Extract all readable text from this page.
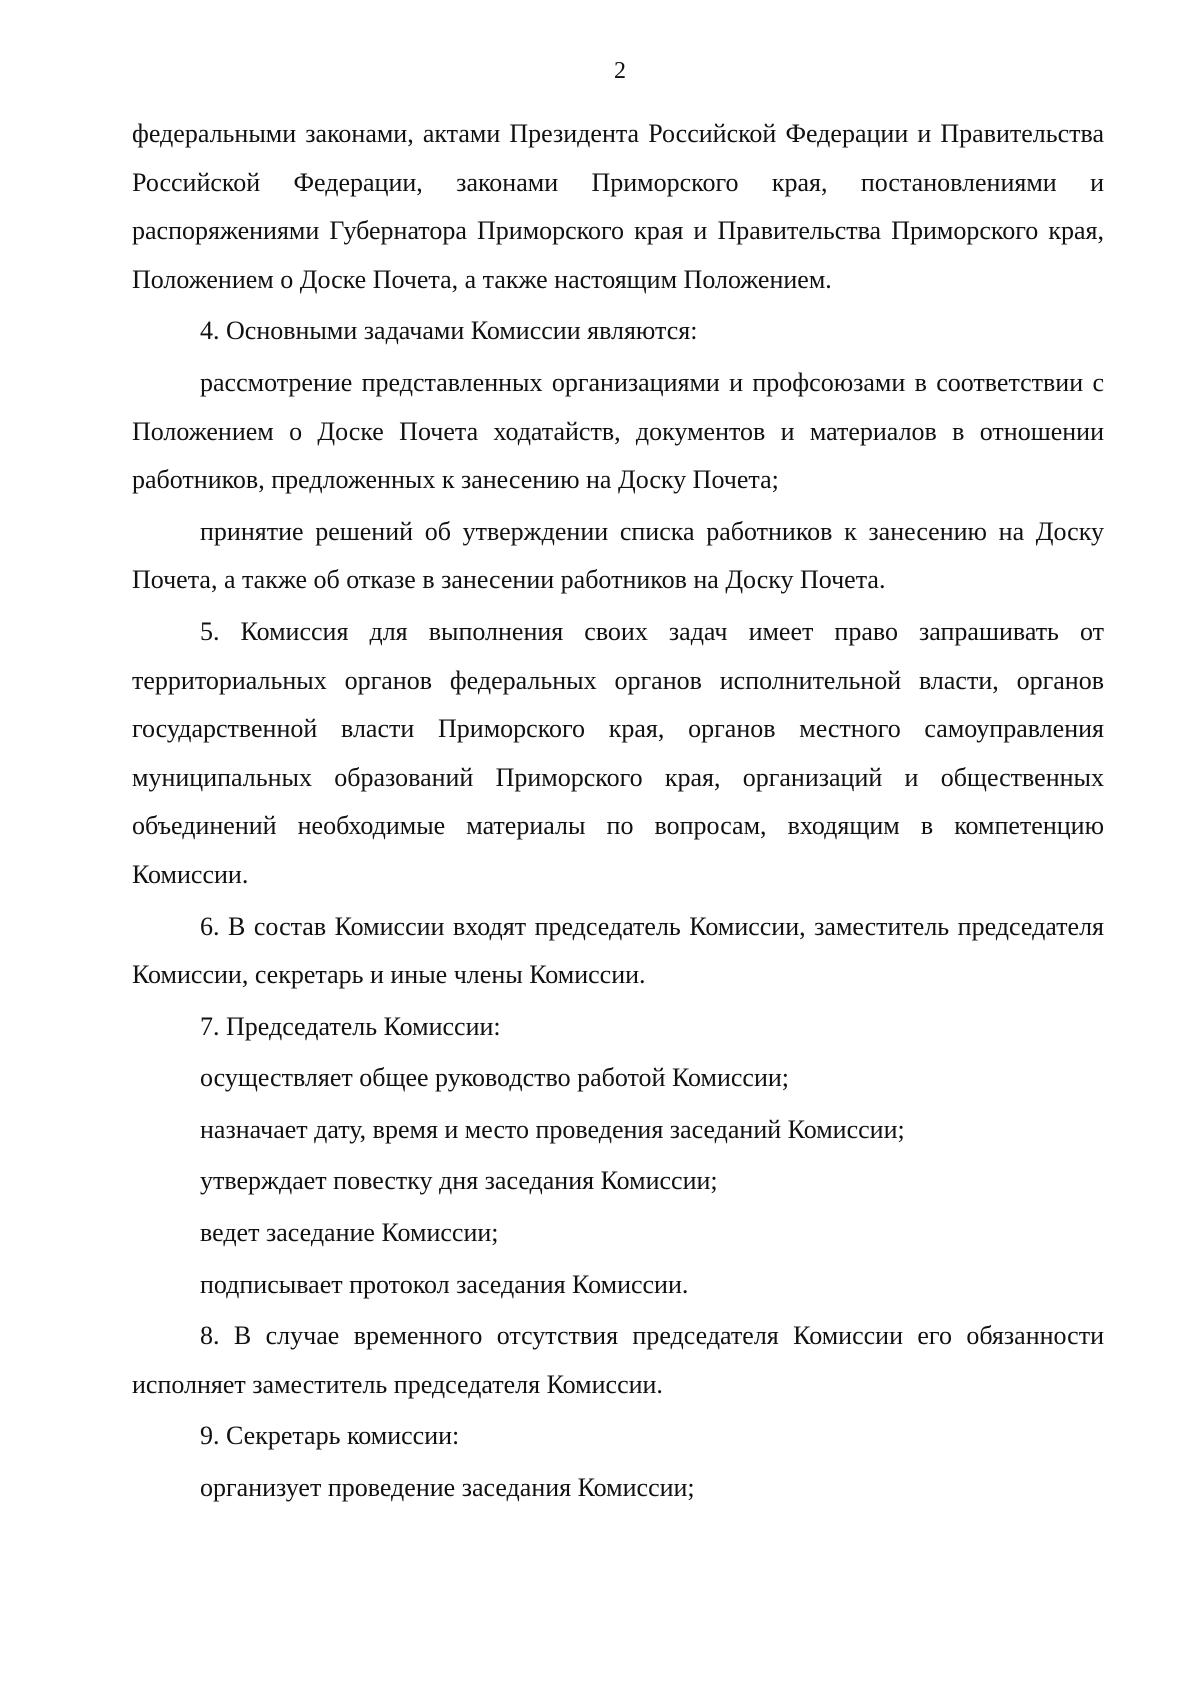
2

федеральными законами, актами Президента Российской Федерации и Правительства Российской Федерации, законами Приморского края, постановлениями и распоряжениями Губернатора Приморского края и Правительства Приморского края, Положением о Доске Почета, а также настоящим Положением.

4. Основными задачами Комиссии являются:

рассмотрение представленных организациями и профсоюзами в соответствии с Положением о Доске Почета ходатайств, документов и материалов в отношении работников, предложенных к занесению на Доску Почета;

принятие решений об утверждении списка работников к занесению на Доску Почета, а также об отказе в занесении работников на Доску Почета.

5. Комиссия для выполнения своих задач имеет право запрашивать от территориальных органов федеральных органов исполнительной власти, органов государственной власти Приморского края, органов местного самоуправления муниципальных образований Приморского края, организаций и общественных объединений необходимые материалы по вопросам, входящим в компетенцию Комиссии.

6. В состав Комиссии входят председатель Комиссии, заместитель председателя Комиссии, секретарь и иные члены Комиссии.

7. Председатель Комиссии:

осуществляет общее руководство работой Комиссии;

назначает дату, время и место проведения заседаний Комиссии;

утверждает повестку дня заседания Комиссии;

ведет заседание Комиссии;

подписывает протокол заседания Комиссии.

8. В случае временного отсутствия председателя Комиссии его обязанности исполняет заместитель председателя Комиссии.

9. Секретарь комиссии:

организует проведение заседания Комиссии;
